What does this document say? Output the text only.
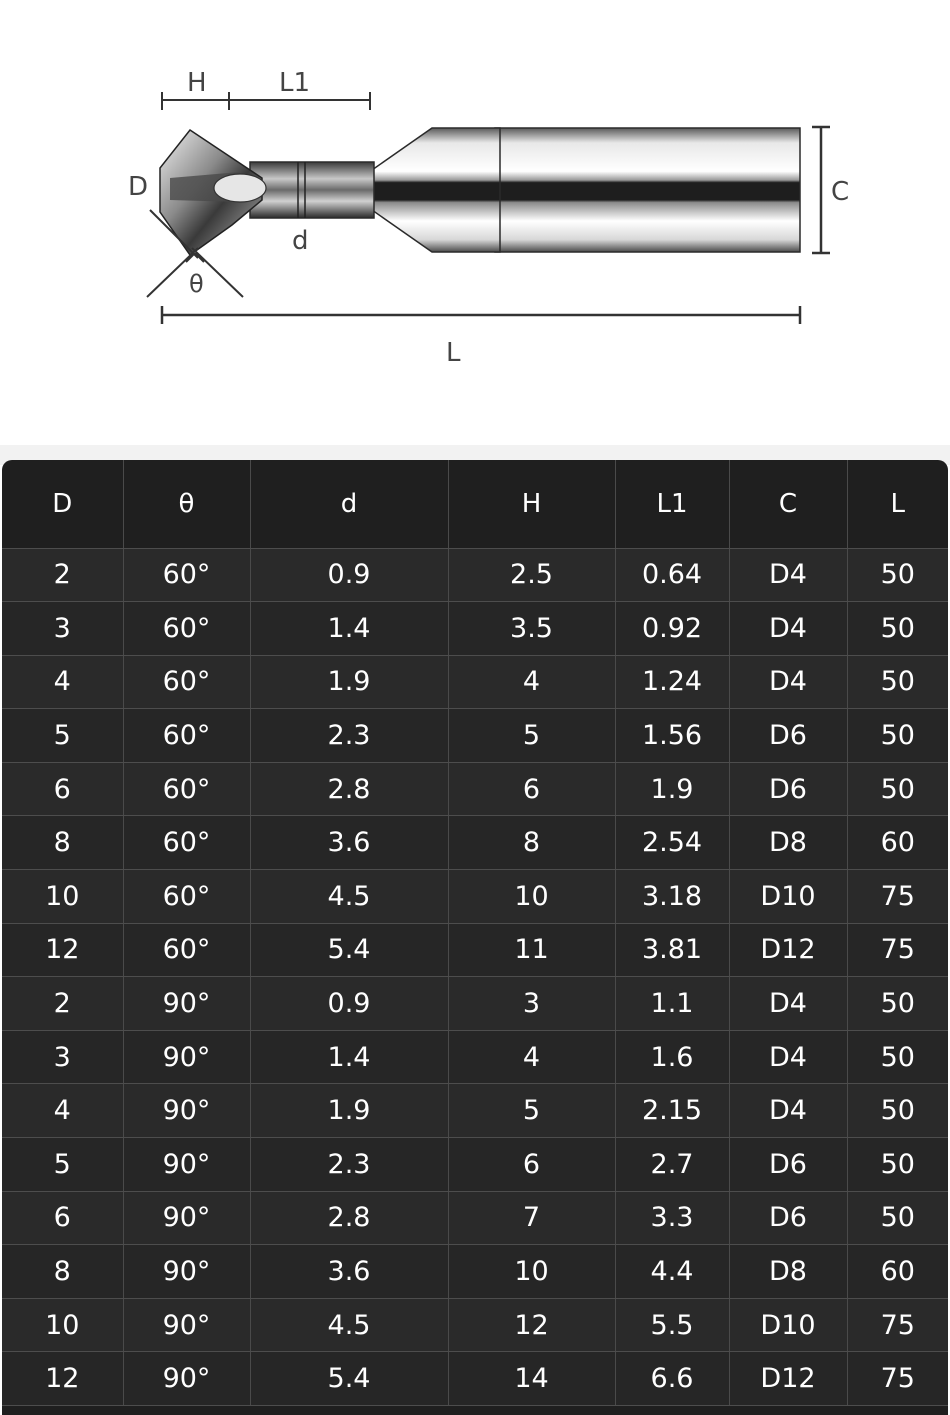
H	L1
D
d
θ
C
L
D	θ	d	H	L1	C	L
2	60°	0.9	2.5	0.64	D4	50
3	60°	1.4	3.5	0.92	D4	50
4	60°	1.9	4	1.24	D4	50
5	60°	2.3	5	1.56	D6	50
6	60°	2.8	6	1.9	D6	50
8	60°	3.6	8	2.54	D8	60
10	60°	4.5	10	3.18	D10	75
12	60°	5.4	11	3.81	D12	75
2	90°	0.9	3	1.1	D4	50
3	90°	1.4	4	1.6	D4	50
4	90°	1.9	5	2.15	D4	50
5	90°	2.3	6	2.7	D6	50
6	90°	2.8	7	3.3	D6	50
8	90°	3.6	10	4.4	D8	60
10	90°	4.5	12	5.5	D10	75
12	90°	5.4	14	6.6	D12	75
